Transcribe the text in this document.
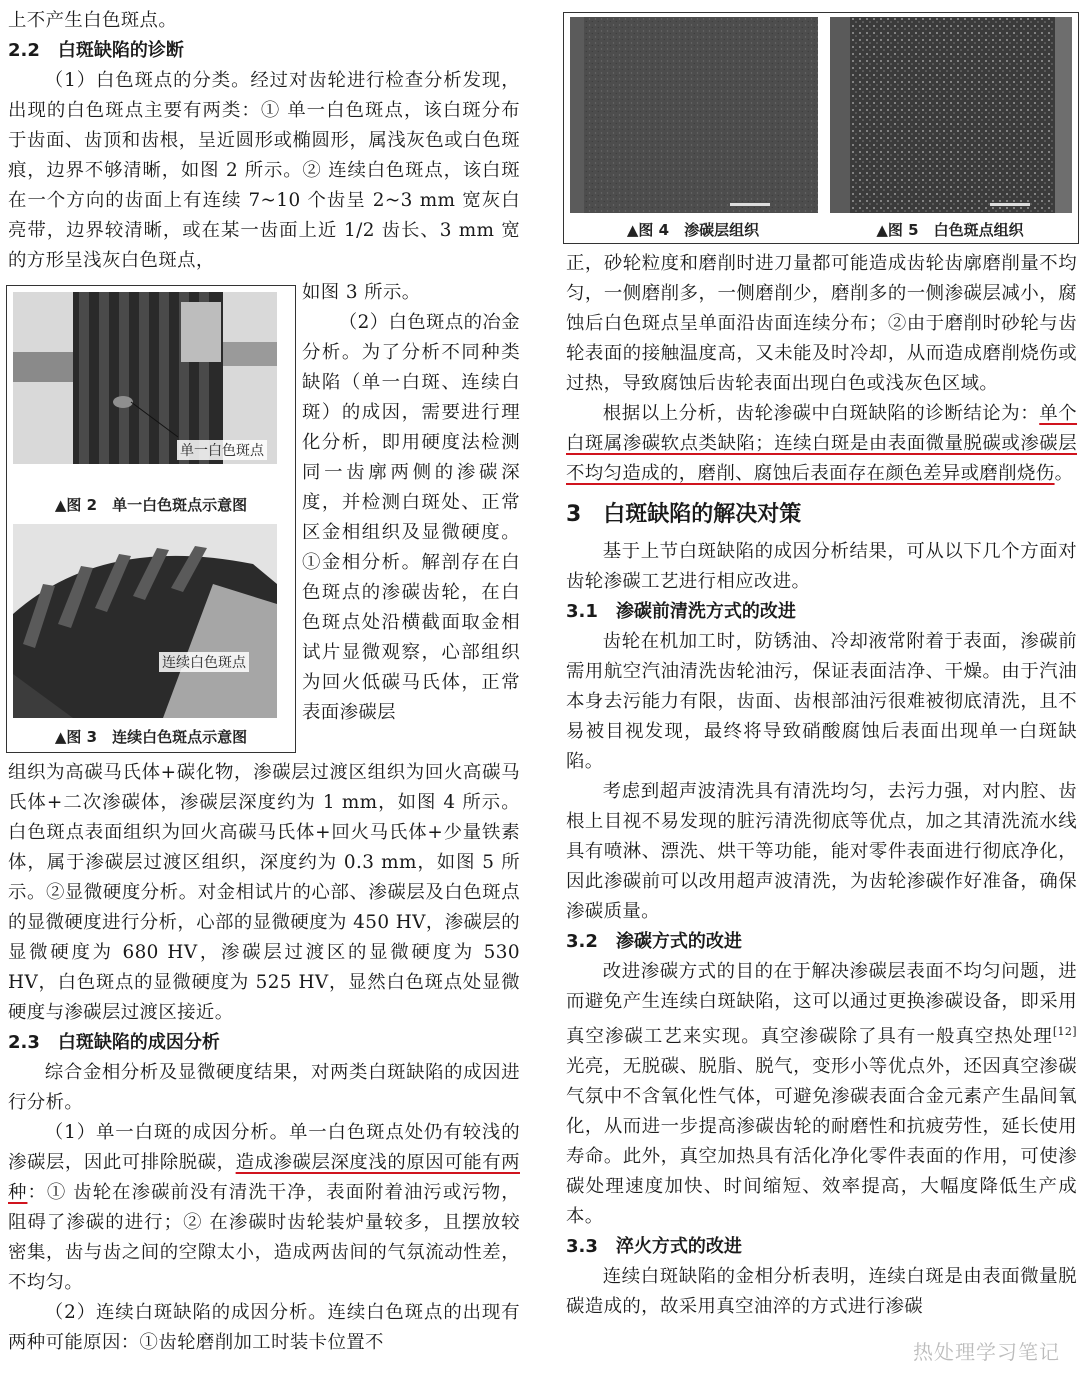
上不产生白色斑点。

2.2　白斑缺陷的诊断

（1）白色斑点的分类。经过对齿轮进行检查分析发现，出现的白色斑点主要有两类：① 单一白色斑点，该白斑分布于齿面、齿顶和齿根，呈近圆形或椭圆形，属浅灰色或白色斑痕，边界不够清晰，如图 2 所示。② 连续白色斑点，该白斑在一个方向的齿面上有连续 7~10 个齿呈 2~3 mm 宽灰白亮带，边界较清晰，或在某一齿面上近 1/2 齿长、3 mm 宽的方形呈浅灰白色斑点，

如图 3 所示。

（2）白色斑点的冶金分析。为了分析不同种类缺陷（单一白斑、连续白斑）的成因，需要进行理化分析，即用硬度法检测同一齿廓两侧的渗碳深度，并检测白斑处、正常区金相组织及显微硬度。①金相分析。解剖存在白色斑点的渗碳齿轮，在白色斑点处沿横截面取金相试片显微观察，心部组织为回火低碳马氏体，正常表面渗碳层

单一白色斑点
▲图 2　单一白色斑点示意图
连续白色斑点
▲图 3　连续白色斑点示意图

组织为高碳马氏体+碳化物，渗碳层过渡区组织为回火高碳马氏体+二次渗碳体，渗碳层深度约为 1 mm，如图 4 所示。白色斑点表面组织为回火高碳马氏体+回火马氏体+少量铁素体，属于渗碳层过渡区组织，深度约为 0.3 mm，如图 5 所示。②显微硬度分析。对金相试片的心部、渗碳层及白色斑点的显微硬度进行分析，心部的显微硬度为 450 HV，渗碳层的显微硬度为 680 HV，渗碳层过渡区的显微硬度为 530 HV，白色斑点的显微硬度为 525 HV，显然白色斑点处显微硬度与渗碳层过渡区接近。

2.3　白斑缺陷的成因分析

综合金相分析及显微硬度结果，对两类白斑缺陷的成因进行分析。

（1）单一白斑的成因分析。单一白色斑点处仍有较浅的渗碳层，因此可排除脱碳，造成渗碳层深度浅的原因可能有两种：① 齿轮在渗碳前没有清洗干净，表面附着油污或污物，阻碍了渗碳的进行；② 在渗碳时齿轮装炉量较多，且摆放较密集，齿与齿之间的空隙太小，造成两齿间的气氛流动性差，不均匀。

（2）连续白斑缺陷的成因分析。连续白色斑点的出现有两种可能原因：①齿轮磨削加工时装卡位置不

▲图 4　渗碳层组织	▲图 5　白色斑点组织

正，砂轮粒度和磨削时进刀量都可能造成齿轮齿廓磨削量不均匀，一侧磨削多，一侧磨削少，磨削多的一侧渗碳层减小，腐蚀后白色斑点呈单面沿齿面连续分布；②由于磨削时砂轮与齿轮表面的接触温度高，又未能及时冷却，从而造成磨削烧伤或过热，导致腐蚀后齿轮表面出现白色或浅灰色区域。

根据以上分析，齿轮渗碳中白斑缺陷的诊断结论为：单个白斑属渗碳软点类缺陷；连续白斑是由表面微量脱碳或渗碳层不均匀造成的，磨削、腐蚀后表面存在颜色差异或磨削烧伤。

3　白斑缺陷的解决对策

基于上节白斑缺陷的成因分析结果，可从以下几个方面对齿轮渗碳工艺进行相应改进。

3.1　渗碳前清洗方式的改进

齿轮在机加工时，防锈油、冷却液常附着于表面，渗碳前需用航空汽油清洗齿轮油污，保证表面洁净、干燥。由于汽油本身去污能力有限，齿面、齿根部油污很难被彻底清洗，且不易被目视发现，最终将导致硝酸腐蚀后表面出现单一白斑缺陷。

考虑到超声波清洗具有清洗均匀，去污力强，对内腔、齿根上目视不易发现的脏污清洗彻底等优点，加之其清洗流水线具有喷淋、漂洗、烘干等功能，能对零件表面进行彻底净化，因此渗碳前可以改用超声波清洗，为齿轮渗碳作好准备，确保渗碳质量。

3.2　渗碳方式的改进

改进渗碳方式的目的在于解决渗碳层表面不均匀问题，进而避免产生连续白斑缺陷，这可以通过更换渗碳设备，即采用真空渗碳工艺来实现。真空渗碳除了具有一般真空热处理[12]光亮，无脱碳、脱脂、脱气，变形小等优点外，还因真空渗碳气氛中不含氧化性气体，可避免渗碳表面合金元素产生晶间氧化，从而进一步提高渗碳齿轮的耐磨性和抗疲劳性，延长使用寿命。此外，真空加热具有活化净化零件表面的作用，可使渗碳处理速度加快、时间缩短、效率提高，大幅度降低生产成本。

3.3　淬火方式的改进

连续白斑缺陷的金相分析表明，连续白斑是由表面微量脱碳造成的，故采用真空油淬的方式进行渗碳

热处理学习笔记
